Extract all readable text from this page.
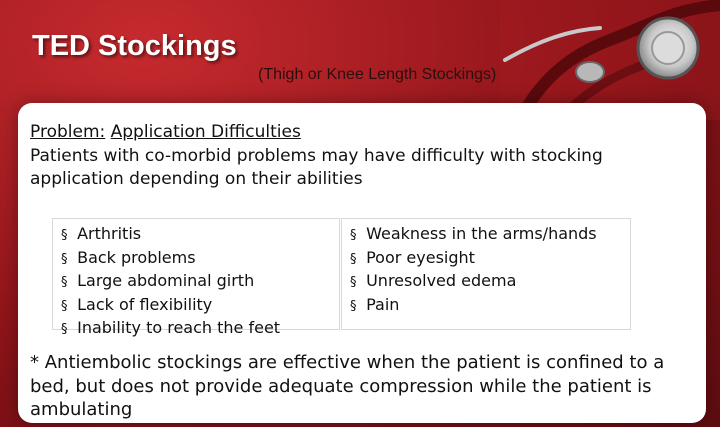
TED Stockings
(Thigh or Knee Length Stockings)
Problem: Application Difficulties
Patients with co-morbid problems may have difficulty with stocking application depending on their abilities
§ Arthritis
§ Back problems
§ Large abdominal girth
§ Lack of flexibility
§ Inability to reach the feet
§ Weakness in the arms/hands
§ Poor eyesight
§ Unresolved edema
§ Pain
* Antiembolic stockings are effective when the patient is confined to a bed, but does not provide adequate compression while the patient is ambulating
